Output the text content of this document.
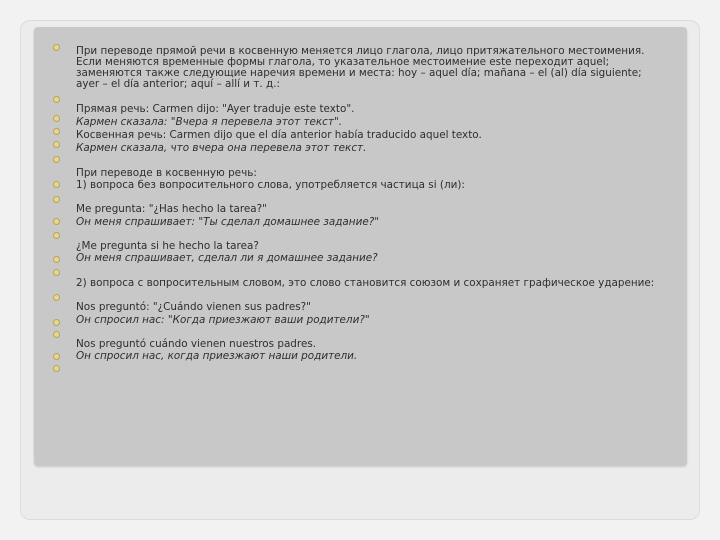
При переводе прямой речи в косвенную меняется лицо глагола, лицо притяжательного местоимения.
Если меняются временные формы глагола, то указательное местоимение este переходит aquel;
заменяются также следующие наречия времени и места: hoy – aquel día; mañana – el (al) día siguiente;
ayer – el día anterior; aquí – allí и т. д.:
Прямая речь: Carmen dijo: "Ayer traduje este texto".
Кармен сказала: "Вчера я перевела этот текст".
Косвенная речь: Carmen dijo que el día anterior había traducido aquel texto.
Кармен сказала, что вчера она перевела этот текст.
При переводе в косвенную речь:
1) вопроса без вопросительного слова, употребляется частица si (ли):
Me pregunta: "¿Has hecho la tarea?"
Он меня спрашивает: "Ты сделал домашнее задание?"
¿Me pregunta si he hecho la tarea?
Он меня спрашивает, сделал ли я домашнее задание?
2) вопроса с вопросительным словом, это слово становится союзом и сохраняет графическое ударение:
Nos preguntó: "¿Cuándo vienen sus padres?"
Он спросил нас: "Когда приезжают ваши родители?"
Nos preguntó cuándo vienen nuestros padres.
Он спросил нас, когда приезжают наши родители.
